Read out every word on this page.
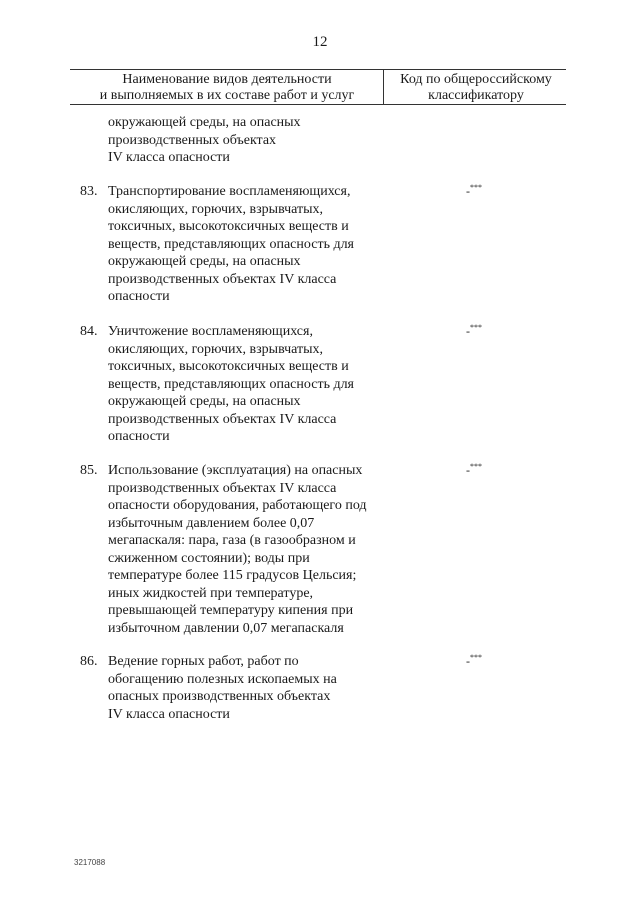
12
Наименование видов деятельности
и выполняемых в их составе работ и услуг
Код по общероссийскому
классификатору
окружающей среды, на опасных
производственных объектах
IV класса опасности
83. Транспортирование воспламеняющихся,
окисляющих, горючих, взрывчатых,
токсичных, высокотоксичных веществ и
веществ, представляющих опасность для
окружающей среды, на опасных
производственных объектах IV класса
опасности
-***
84. Уничтожение воспламеняющихся,
окисляющих, горючих, взрывчатых,
токсичных, высокотоксичных веществ и
веществ, представляющих опасность для
окружающей среды, на опасных
производственных объектах IV класса
опасности
-***
85. Использование (эксплуатация) на опасных
производственных объектах IV класса
опасности оборудования, работающего под
избыточным давлением более 0,07
мегапаскаля: пара, газа (в газообразном и
сжиженном состоянии); воды при
температуре более 115 градусов Цельсия;
иных жидкостей при температуре,
превышающей температуру кипения при
избыточном давлении 0,07 мегапаскаля
-***
86. Ведение горных работ, работ по
обогащению полезных ископаемых на
опасных производственных объектах
IV класса опасности
-***
3217088
